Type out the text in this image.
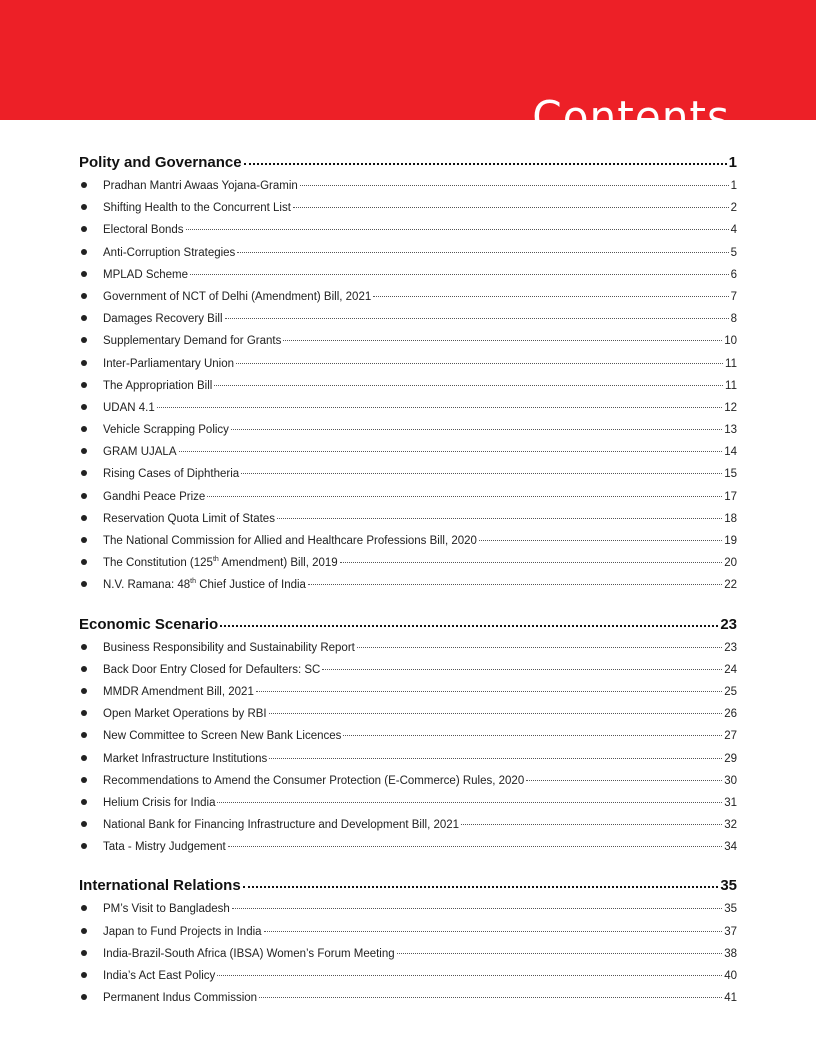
Contents
Polity and Governance	1
Pradhan Mantri Awaas Yojana-Gramin	1
Shifting Health to the Concurrent List	2
Electoral Bonds	4
Anti-Corruption Strategies	5
MPLAD Scheme	6
Government of NCT of Delhi (Amendment) Bill, 2021	7
Damages Recovery Bill	8
Supplementary Demand for Grants	10
Inter-Parliamentary Union	11
The Appropriation Bill	11
UDAN 4.1	12
Vehicle Scrapping Policy	13
GRAM UJALA	14
Rising Cases of Diphtheria	15
Gandhi Peace Prize	17
Reservation Quota Limit of States	18
The National Commission for Allied and Healthcare Professions Bill, 2020	19
The Constitution (125th Amendment) Bill, 2019	20
N.V. Ramana: 48th Chief Justice of India	22
Economic Scenario	23
Business Responsibility and Sustainability Report	23
Back Door Entry Closed for Defaulters: SC	24
MMDR Amendment Bill, 2021	25
Open Market Operations by RBI	26
New Committee to Screen New Bank Licences	27
Market Infrastructure Institutions	29
Recommendations to Amend the Consumer Protection (E-Commerce) Rules, 2020	30
Helium Crisis for India	31
National Bank for Financing Infrastructure and Development Bill, 2021	32
Tata - Mistry Judgement	34
International Relations	35
PM’s Visit to Bangladesh	35
Japan to Fund Projects in India	37
India-Brazil-South Africa (IBSA) Women’s Forum Meeting	38
India’s Act East Policy	40
Permanent Indus Commission	41
